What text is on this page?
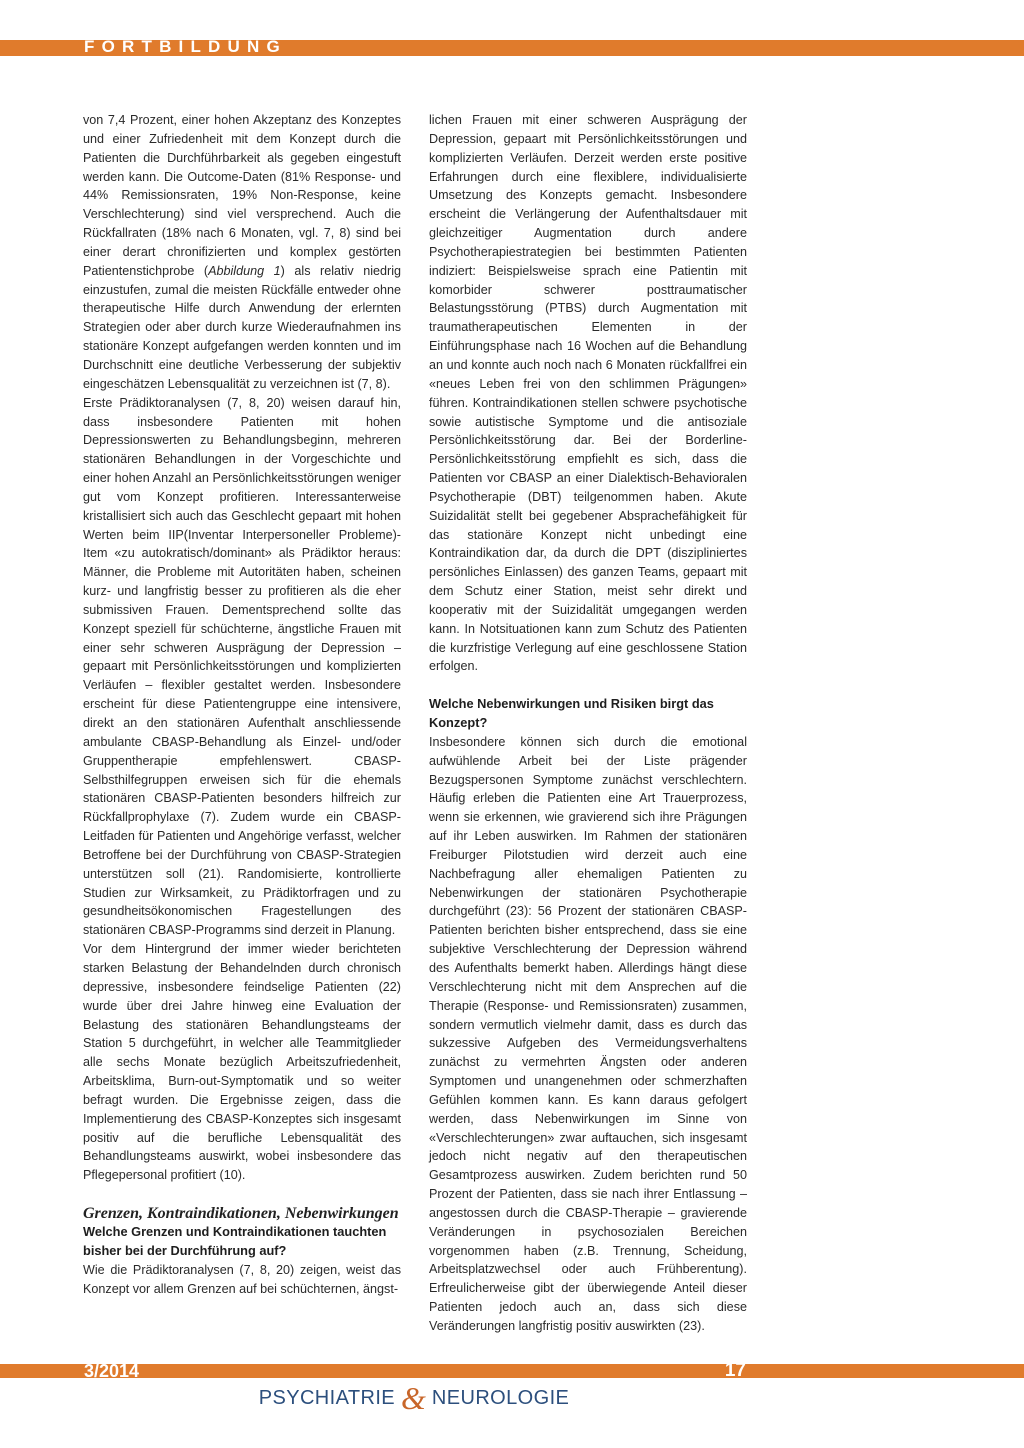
FORTBILDUNG

von 7,4 Prozent, einer hohen Akzeptanz des Konzeptes und einer Zufriedenheit mit dem Konzept durch die Patienten die Durchführbarkeit als gegeben eingestuft werden kann. Die Outcome-Daten (81% Response- und 44% Remissionsraten, 19% Non-Response, keine Verschlechterung) sind viel versprechend. Auch die Rückfallraten (18% nach 6 Monaten, vgl. 7, 8) sind bei einer derart chronifizierten und komplex gestörten Patientenstichprobe (Abbildung 1) als relativ niedrig einzustufen, zumal die meisten Rückfälle entweder ohne therapeutische Hilfe durch Anwendung der erlernten Strategien oder aber durch kurze Wiederaufnahmen ins stationäre Konzept aufgefangen werden konnten und im Durchschnitt eine deutliche Verbesserung der subjektiv eingeschätzen Lebensqualität zu verzeichnen ist (7, 8).

Erste Prädiktoranalysen (7, 8, 20) weisen darauf hin, dass insbesondere Patienten mit hohen Depressionswerten zu Behandlungsbeginn, mehreren stationären Behandlungen in der Vorgeschichte und einer hohen Anzahl an Persönlichkeitsstörungen weniger gut vom Konzept profitieren. Interessanterweise kristallisiert sich auch das Geschlecht gepaart mit hohen Werten beim IIP(Inventar Interpersoneller Probleme)-Item «zu autokratisch/dominant» als Prädiktor heraus: Männer, die Probleme mit Autoritäten haben, scheinen kurz- und langfristig besser zu profitieren als die eher submissiven Frauen. Dementsprechend sollte das Konzept speziell für schüchterne, ängstliche Frauen mit einer sehr schweren Ausprägung der Depression – gepaart mit Persönlichkeitsstörungen und komplizierten Verläufen – flexibler gestaltet werden. Insbesondere erscheint für diese Patientengruppe eine intensivere, direkt an den stationären Aufenthalt anschliessende ambulante CBASP-Behandlung als Einzel- und/oder Gruppentherapie empfehlenswert. CBASP-Selbsthilfegruppen erweisen sich für die ehemals stationären CBASP-Patienten besonders hilfreich zur Rückfallprophylaxe (7). Zudem wurde ein CBASP-Leitfaden für Patienten und Angehörige verfasst, welcher Betroffene bei der Durchführung von CBASP-Strategien unterstützen soll (21). Randomisierte, kontrollierte Studien zur Wirksamkeit, zu Prädiktorfragen und zu gesundheitsökonomischen Fragestellungen des stationären CBASP-Programms sind derzeit in Planung.

Vor dem Hintergrund der immer wieder berichteten starken Belastung der Behandelnden durch chronisch depressive, insbesondere feindselige Patienten (22) wurde über drei Jahre hinweg eine Evaluation der Belastung des stationären Behandlungsteams der Station 5 durchgeführt, in welcher alle Teammitglieder alle sechs Monate bezüglich Arbeitszufriedenheit, Arbeitsklima, Burn-out-Symptomatik und so weiter befragt wurden. Die Ergebnisse zeigen, dass die Implementierung des CBASP-Konzeptes sich insgesamt positiv auf die berufliche Lebensqualität des Behandlungsteams auswirkt, wobei insbesondere das Pflegepersonal profitiert (10).

Grenzen, Kontraindikationen, Nebenwirkungen
Welche Grenzen und Kontraindikationen tauchten bisher bei der Durchführung auf?

Wie die Prädiktoranalysen (7, 8, 20) zeigen, weist das Konzept vor allem Grenzen auf bei schüchternen, ängst-

lichen Frauen mit einer schweren Ausprägung der Depression, gepaart mit Persönlichkeitsstörungen und komplizierten Verläufen. Derzeit werden erste positive Erfahrungen durch eine flexiblere, individualisierte Umsetzung des Konzepts gemacht. Insbesondere erscheint die Verlängerung der Aufenthaltsdauer mit gleichzeitiger Augmentation durch andere Psychotherapiestrategien bei bestimmten Patienten indiziert: Beispielsweise sprach eine Patientin mit komorbider schwerer posttraumatischer Belastungsstörung (PTBS) durch Augmentation mit traumatherapeutischen Elementen in der Einführungsphase nach 16 Wochen auf die Behandlung an und konnte auch noch nach 6 Monaten rückfallfrei ein «neues Leben frei von den schlimmen Prägungen» führen. Kontraindikationen stellen schwere psychotische sowie autistische Symptome und die antisoziale Persönlichkeitsstörung dar. Bei der Borderline-Persönlichkeitsstörung empfiehlt es sich, dass die Patienten vor CBASP an einer Dialektisch-Behavioralen Psychotherapie (DBT) teilgenommen haben. Akute Suizidalität stellt bei gegebener Absprachefähigkeit für das stationäre Konzept nicht unbedingt eine Kontraindikation dar, da durch die DPT (diszipliniertes persönliches Einlassen) des ganzen Teams, gepaart mit dem Schutz einer Station, meist sehr direkt und kooperativ mit der Suizidalität umgegangen werden kann. In Notsituationen kann zum Schutz des Patienten die kurzfristige Verlegung auf eine geschlossene Station erfolgen.

Welche Nebenwirkungen und Risiken birgt das Konzept?

Insbesondere können sich durch die emotional aufwühlende Arbeit bei der Liste prägender Bezugspersonen Symptome zunächst verschlechtern. Häufig erleben die Patienten eine Art Trauerprozess, wenn sie erkennen, wie gravierend sich ihre Prägungen auf ihr Leben auswirken. Im Rahmen der stationären Freiburger Pilotstudien wird derzeit auch eine Nachbefragung aller ehemaligen Patienten zu Nebenwirkungen der stationären Psychotherapie durchgeführt (23): 56 Prozent der stationären CBASP-Patienten berichten bisher entsprechend, dass sie eine subjektive Verschlechterung der Depression während des Aufenthalts bemerkt haben. Allerdings hängt diese Verschlechterung nicht mit dem Ansprechen auf die Therapie (Response- und Remissionsraten) zusammen, sondern vermutlich vielmehr damit, dass es durch das sukzessive Aufgeben des Vermeidungsverhaltens zunächst zu vermehrten Ängsten oder anderen Symptomen und unangenehmen oder schmerzhaften Gefühlen kommen kann. Es kann daraus gefolgert werden, dass Nebenwirkungen im Sinne von «Verschlechterungen» zwar auftauchen, sich insgesamt jedoch nicht negativ auf den therapeutischen Gesamtprozess auswirken. Zudem berichten rund 50 Prozent der Patienten, dass sie nach ihrer Entlassung – angestossen durch die CBASP-Therapie – gravierende Veränderungen in psychosozialen Bereichen vorgenommen haben (z.B. Trennung, Scheidung, Arbeitsplatzwechsel oder auch Frühberentung). Erfreulicherweise gibt der überwiegende Anteil dieser Patienten jedoch auch an, dass sich diese Veränderungen langfristig positiv auswirkten (23).

3/2014	17
PSYCHIATRIE & NEUROLOGIE
